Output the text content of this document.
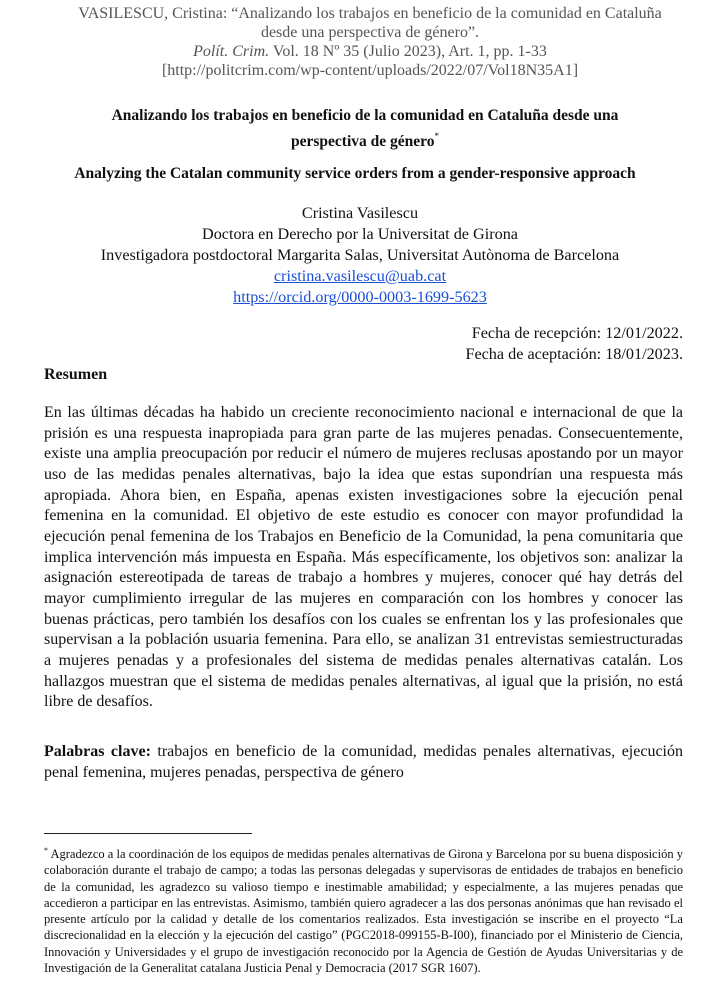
VASILESCU, Cristina: “Analizando los trabajos en beneficio de la comunidad en Cataluña
desde una perspectiva de género”.
Polít. Crim. Vol. 18 Nº 35 (Julio 2023), Art. 1, pp. 1-33
[http://politcrim.com/wp-content/uploads/2022/07/Vol18N35A1]
Analizando los trabajos en beneficio de la comunidad en Cataluña desde una
perspectiva de género*
Analyzing the Catalan community service orders from a gender-responsive approach
Cristina Vasilescu
Doctora en Derecho por la Universitat de Girona
Investigadora postdoctoral Margarita Salas, Universitat Autònoma de Barcelona
cristina.vasilescu@uab.cat
https://orcid.org/0000-0003-1699-5623
Fecha de recepción: 12/01/2022.
Fecha de aceptación: 18/01/2023.
Resumen

En las últimas décadas ha habido un creciente reconocimiento nacional e internacional de que la prisión es una respuesta inapropiada para gran parte de las mujeres penadas. Consecuentemente, existe una amplia preocupación por reducir el número de mujeres reclusas apostando por un mayor uso de las medidas penales alternativas, bajo la idea que estas supondrían una respuesta más apropiada. Ahora bien, en España, apenas existen investigaciones sobre la ejecución penal femenina en la comunidad. El objetivo de este estudio es conocer con mayor profundidad la ejecución penal femenina de los Trabajos en Beneficio de la Comunidad, la pena comunitaria que implica intervención más impuesta en España. Más específicamente, los objetivos son: analizar la asignación estereotipada de tareas de trabajo a hombres y mujeres, conocer qué hay detrás del mayor cumplimiento irregular de las mujeres en comparación con los hombres y conocer las buenas prácticas, pero también los desafíos con los cuales se enfrentan los y las profesionales que supervisan a la población usuaria femenina. Para ello, se analizan 31 entrevistas semiestructuradas a mujeres penadas y a profesionales del sistema de medidas penales alternativas catalán. Los hallazgos muestran que el sistema de medidas penales alternativas, al igual que la prisión, no está libre de desafíos.

Palabras clave: trabajos en beneficio de la comunidad, medidas penales alternativas, ejecución penal femenina, mujeres penadas, perspectiva de género

* Agradezco a la coordinación de los equipos de medidas penales alternativas de Girona y Barcelona por su buena disposición y colaboración durante el trabajo de campo; a todas las personas delegadas y supervisoras de entidades de trabajos en beneficio de la comunidad, les agradezco su valioso tiempo e inestimable amabilidad; y especialmente, a las mujeres penadas que accedieron a participar en las entrevistas. Asimismo, también quiero agradecer a las dos personas anónimas que han revisado el presente artículo por la calidad y detalle de los comentarios realizados. Esta investigación se inscribe en el proyecto “La discrecionalidad en la elección y la ejecución del castigo” (PGC2018-099155-B-I00), financiado por el Ministerio de Ciencia, Innovación y Universidades y el grupo de investigación reconocido por la Agencia de Gestión de Ayudas Universitarias y de Investigación de la Generalitat catalana Justicia Penal y Democracia (2017 SGR 1607).
